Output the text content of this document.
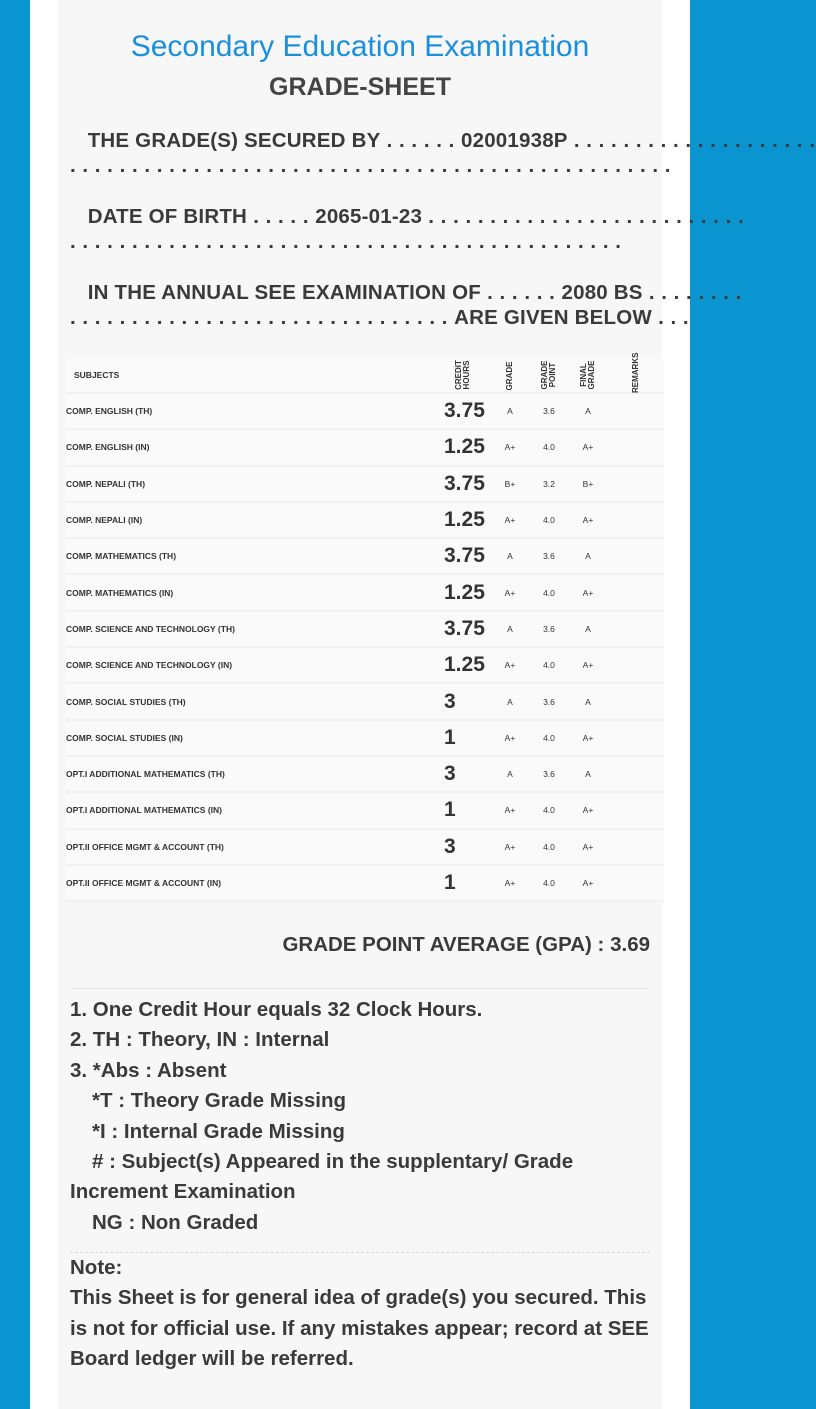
Secondary Education Examination
GRADE-SHEET
THE GRADE(S) SECURED BY . . . . . . 02001938P . . . . . . . . . . . . . . . . . . . .
. . . . . . . . . . . . . . . . . . . . . . . . . . . . . . . . . . . . . . . . . . . . . . . . .
DATE OF BIRTH . . . . . 2065-01-23 . . . . . . . . . . . . . . . . . . . . . . . . . .
. . . . . . . . . . . . . . . . . . . . . . . . . . . . . . . . . . . . . . . . . . . . .
IN THE ANNUAL SEE EXAMINATION OF . . . . . . 2080 BS . . . . . . . .
. . . . . . . . . . . . . . . . . . . . . . . . . . . . . . . ARE GIVEN BELOW . . .
SUBJECTS	CREDIT HOURS	GRADE	GRADE POINT	FINAL GRADE	REMARKS
COMP. ENGLISH (TH)	3.75	A	3.6	A	
COMP. ENGLISH (IN)	1.25	A+	4.0	A+	
COMP. NEPALI (TH)	3.75	B+	3.2	B+	
COMP. NEPALI (IN)	1.25	A+	4.0	A+	
COMP. MATHEMATICS (TH)	3.75	A	3.6	A	
COMP. MATHEMATICS (IN)	1.25	A+	4.0	A+	
COMP. SCIENCE AND TECHNOLOGY (TH)	3.75	A	3.6	A	
COMP. SCIENCE AND TECHNOLOGY (IN)	1.25	A+	4.0	A+	
COMP. SOCIAL STUDIES (TH)	3	A	3.6	A	
COMP. SOCIAL STUDIES (IN)	1	A+	4.0	A+	
OPT.I ADDITIONAL MATHEMATICS (TH)	3	A	3.6	A	
OPT.I ADDITIONAL MATHEMATICS (IN)	1	A+	4.0	A+	
OPT.II OFFICE MGMT & ACCOUNT (TH)	3	A+	4.0	A+	
OPT.II OFFICE MGMT & ACCOUNT (IN)	1	A+	4.0	A+	
GRADE POINT AVERAGE (GPA) : 3.69
1. One Credit Hour equals 32 Clock Hours.
2. TH : Theory, IN : Internal
3. *Abs : Absent
*T : Theory Grade Missing
*I : Internal Grade Missing
# : Subject(s) Appeared in the supplentary/ Grade
Increment Examination
NG : Non Graded
Note:
This Sheet is for general idea of grade(s) you secured. This is not for official use. If any mistakes appear; record at SEE Board ledger will be referred.
